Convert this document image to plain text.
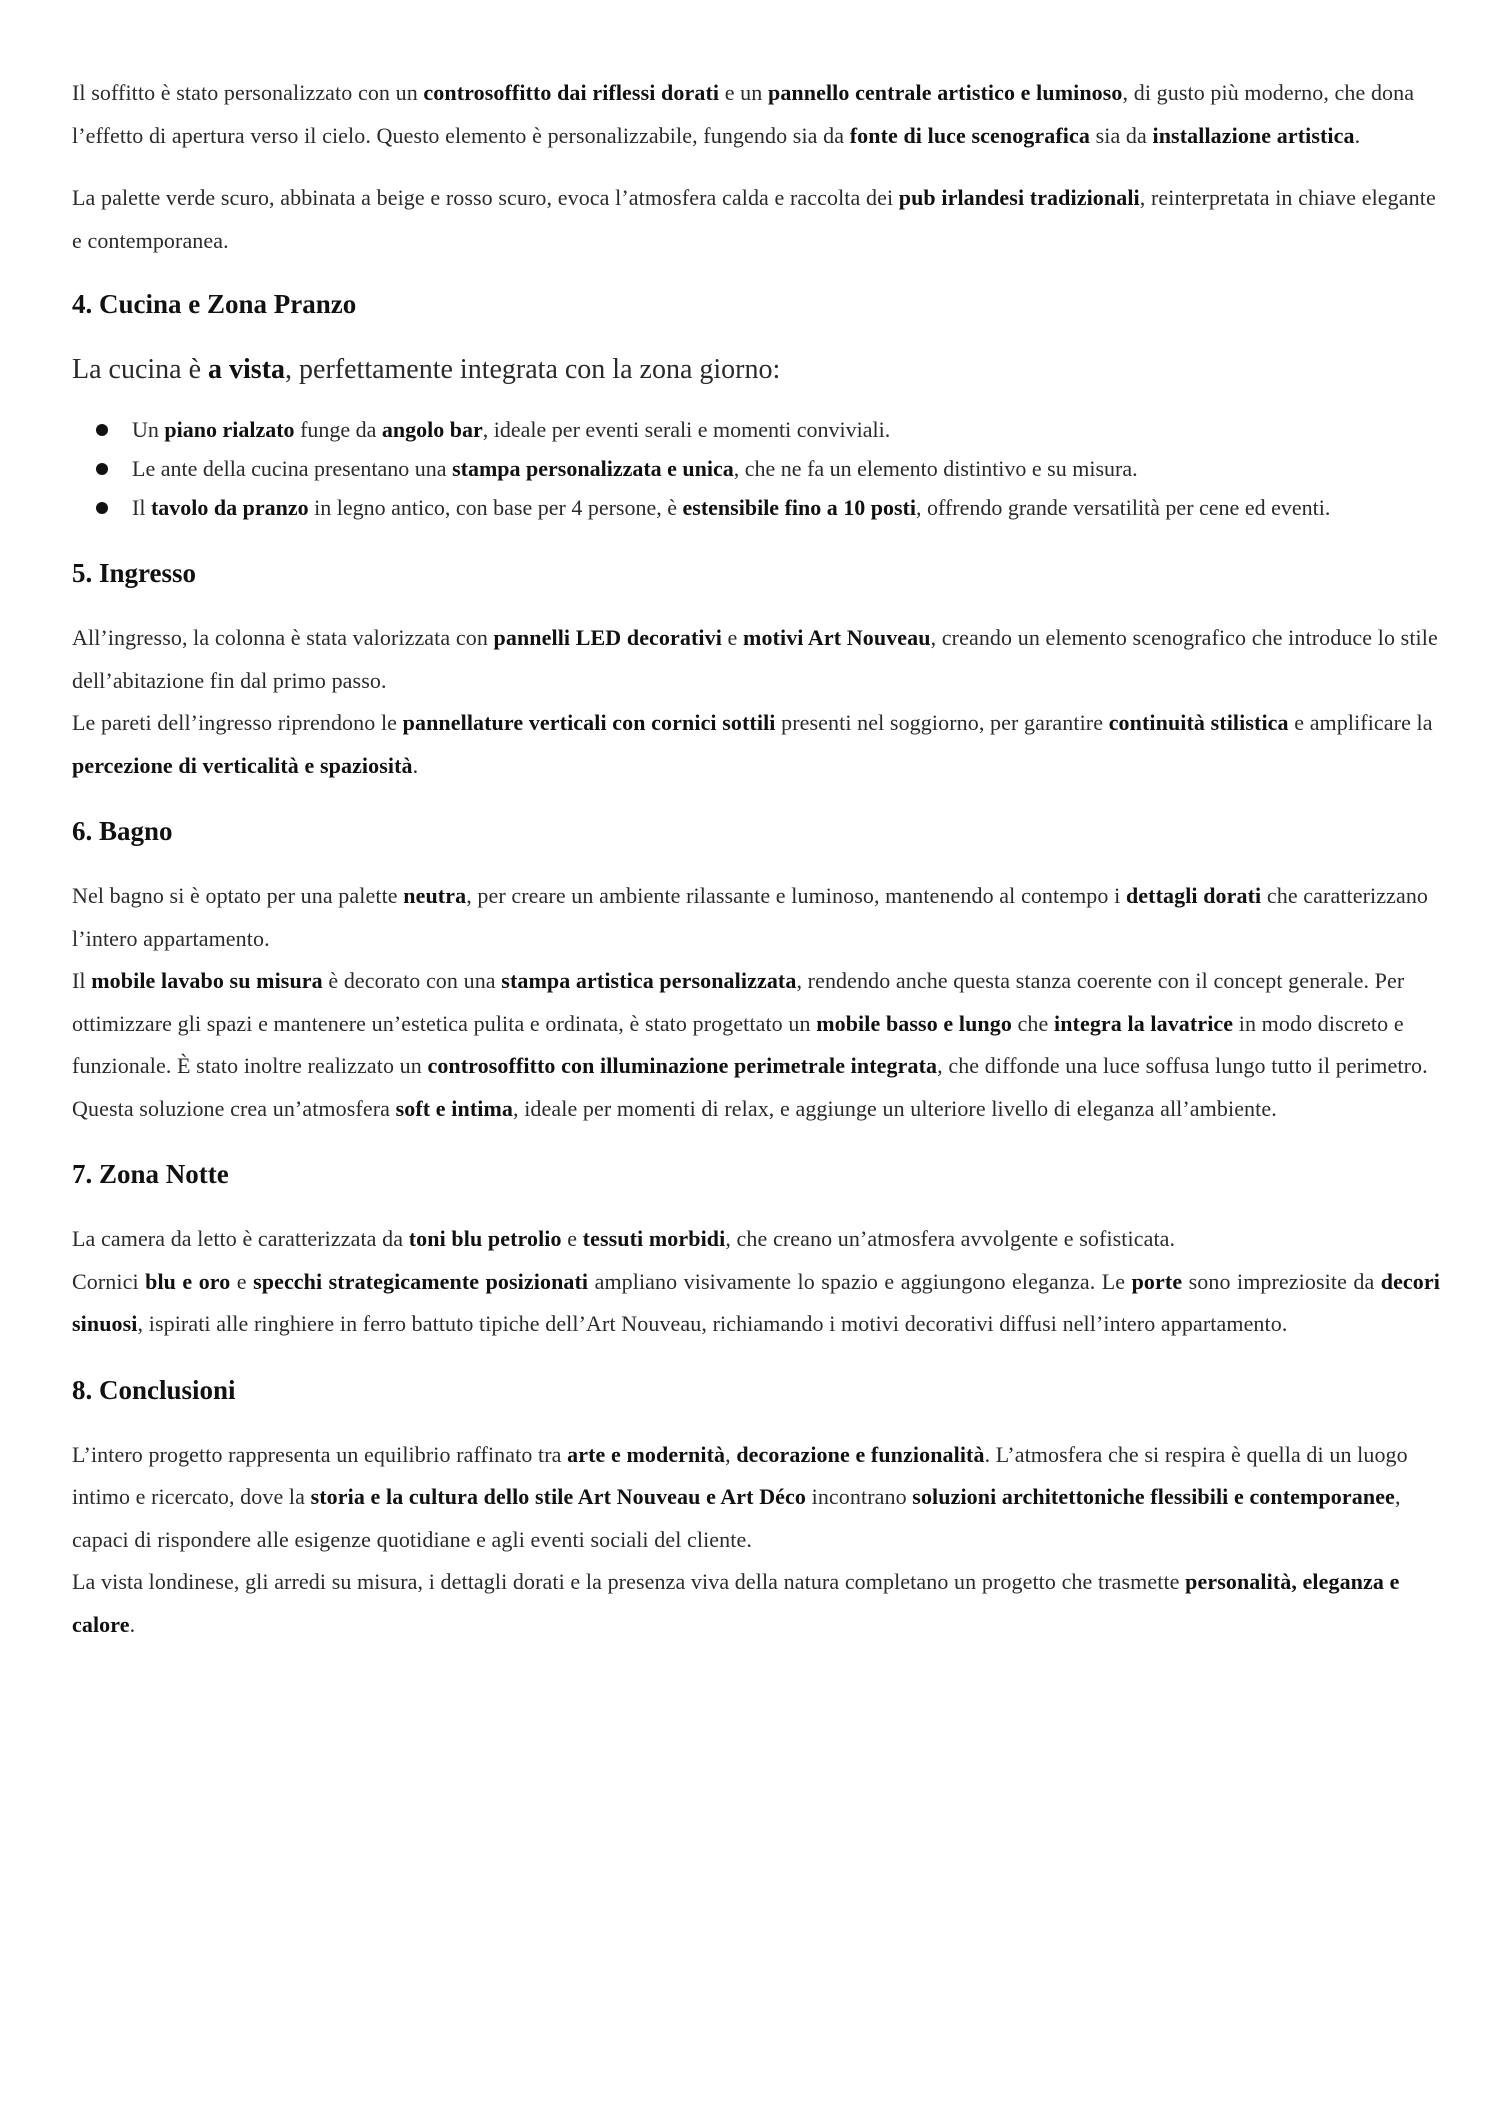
Il soffitto è stato personalizzato con un controsoffitto dai riflessi dorati e un pannello centrale artistico e luminoso, di gusto più moderno, che dona l’effetto di apertura verso il cielo. Questo elemento è personalizzabile, fungendo sia da fonte di luce scenografica sia da installazione artistica.

La palette verde scuro, abbinata a beige e rosso scuro, evoca l’atmosfera calda e raccolta dei pub irlandesi tradizionali, reinterpretata in chiave elegante e contemporanea.

4. Cucina e Zona Pranzo

La cucina è a vista, perfettamente integrata con la zona giorno:

Un piano rialzato funge da angolo bar, ideale per eventi serali e momenti conviviali.
Le ante della cucina presentano una stampa personalizzata e unica, che ne fa un elemento distintivo e su misura.
Il tavolo da pranzo in legno antico, con base per 4 persone, è estensibile fino a 10 posti, offrendo grande versatilità per cene ed eventi.
5. Ingresso

All’ingresso, la colonna è stata valorizzata con pannelli LED decorativi e motivi Art Nouveau, creando un elemento scenografico che introduce lo stile dell’abitazione fin dal primo passo.
Le pareti dell’ingresso riprendono le pannellature verticali con cornici sottili presenti nel soggiorno, per garantire continuità stilistica e amplificare la percezione di verticalità e spaziosità.

6. Bagno

Nel bagno si è optato per una palette neutra, per creare un ambiente rilassante e luminoso, mantenendo al contempo i dettagli dorati che caratterizzano l’intero appartamento.
Il mobile lavabo su misura è decorato con una stampa artistica personalizzata, rendendo anche questa stanza coerente con il concept generale. Per ottimizzare gli spazi e mantenere un’estetica pulita e ordinata, è stato progettato un mobile basso e lungo che integra la lavatrice in modo discreto e funzionale. È stato inoltre realizzato un controsoffitto con illuminazione perimetrale integrata, che diffonde una luce soffusa lungo tutto il perimetro. Questa soluzione crea un’atmosfera soft e intima, ideale per momenti di relax, e aggiunge un ulteriore livello di eleganza all’ambiente.

7. Zona Notte

La camera da letto è caratterizzata da toni blu petrolio e tessuti morbidi, che creano un’atmosfera avvolgente e sofisticata.
Cornici blu e oro e specchi strategicamente posizionati ampliano visivamente lo spazio e aggiungono eleganza. Le porte sono impreziosite da decori sinuosi, ispirati alle ringhiere in ferro battuto tipiche dell’Art Nouveau, richiamando i motivi decorativi diffusi nell’intero appartamento.

8. Conclusioni

L’intero progetto rappresenta un equilibrio raffinato tra arte e modernità, decorazione e funzionalità. L’atmosfera che si respira è quella di un luogo intimo e ricercato, dove la storia e la cultura dello stile Art Nouveau e Art Déco incontrano soluzioni architettoniche flessibili e contemporanee, capaci di rispondere alle esigenze quotidiane e agli eventi sociali del cliente.
La vista londinese, gli arredi su misura, i dettagli dorati e la presenza viva della natura completano un progetto che trasmette personalità, eleganza e calore.
